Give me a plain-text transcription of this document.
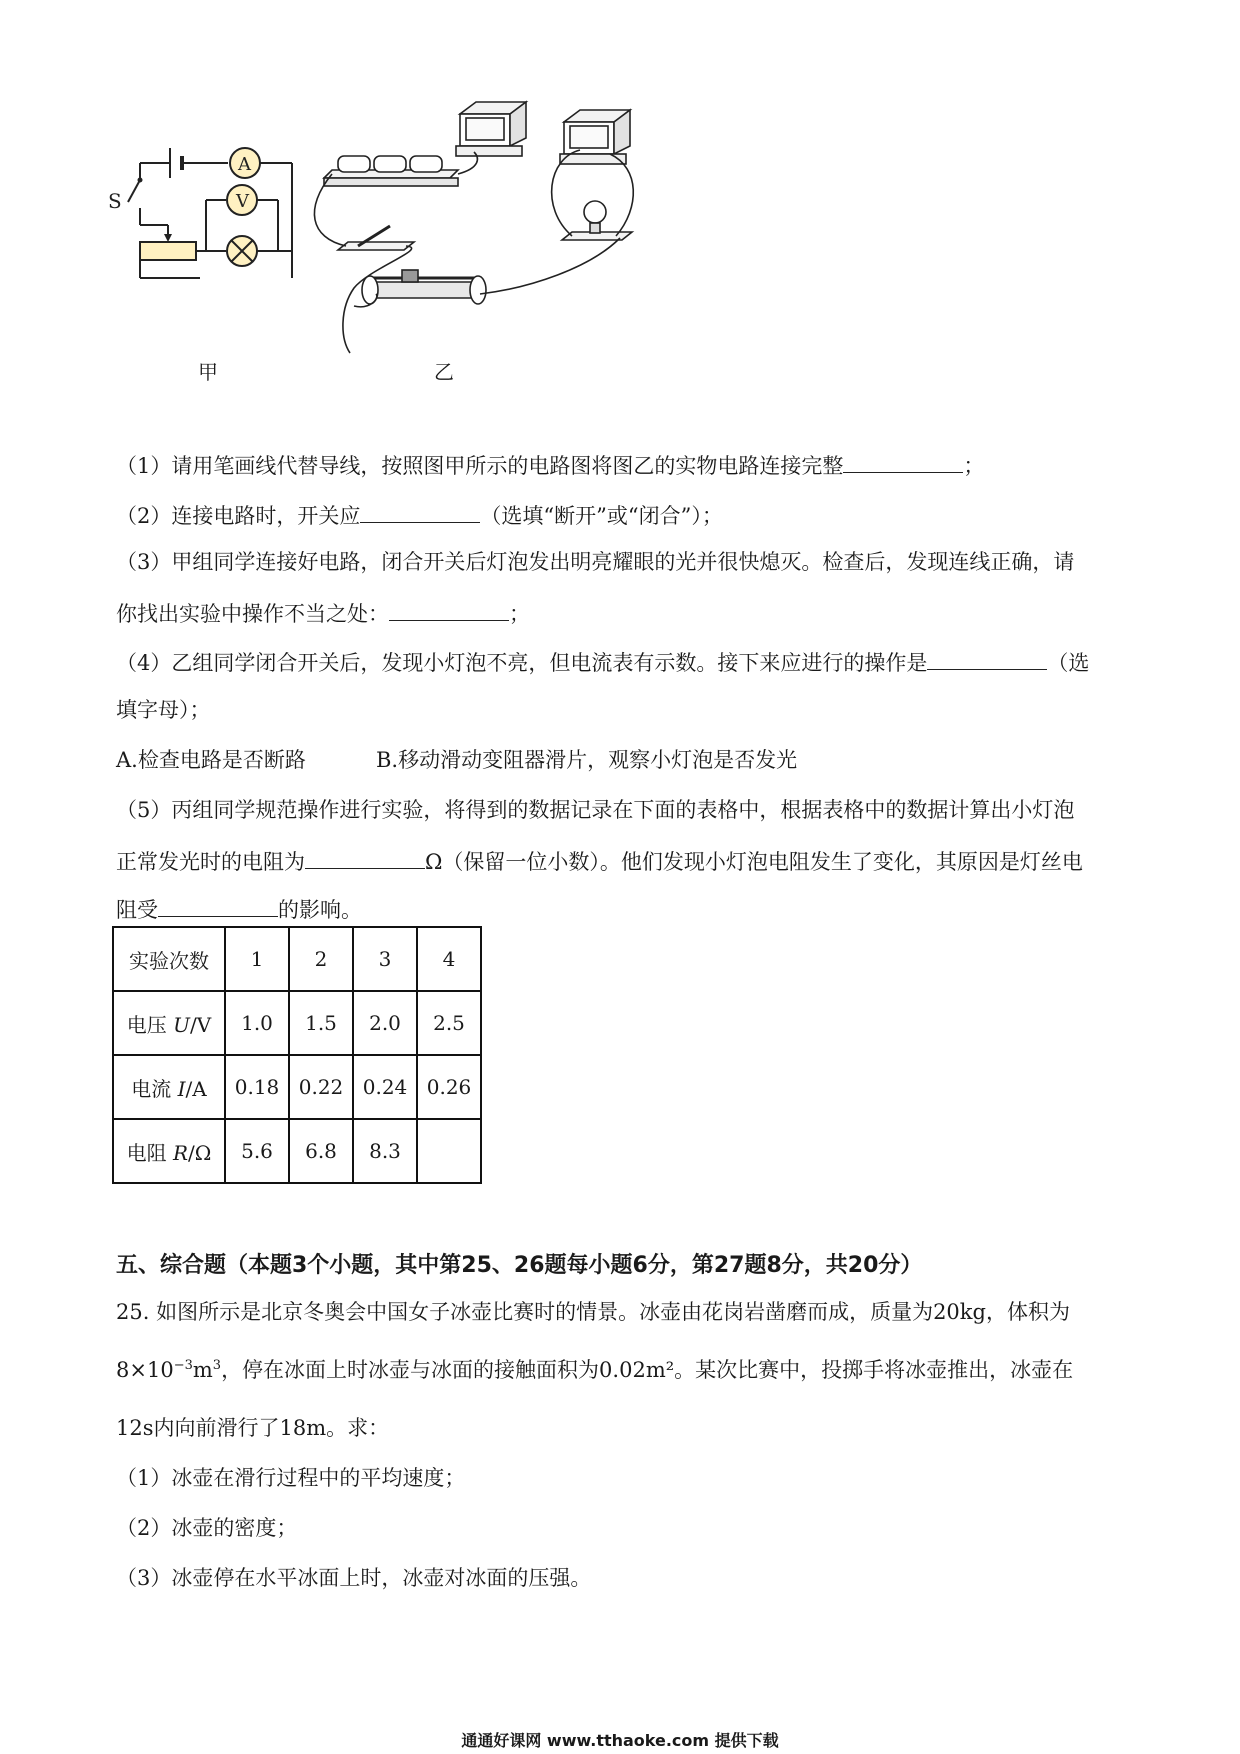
S
A
V
甲	乙
（1）请用笔画线代替导线，按照图甲所示的电路图将图乙的实物电路连接完整	；
（2）连接电路时，开关应	（选填“断开”或“闭合”）；
（3）甲组同学连接好电路，闭合开关后灯泡发出明亮耀眼的光并很快熄灭。检查后，发现连线正确，请
你找出实验中操作不当之处：	；
（4）乙组同学闭合开关后，发现小灯泡不亮，但电流表有示数。接下来应进行的操作是	（选
填字母）；
A.检查电路是否断路	B.移动滑动变阻器滑片，观察小灯泡是否发光
（5）丙组同学规范操作进行实验，将得到的数据记录在下面的表格中，根据表格中的数据计算出小灯泡
正常发光时的电阻为	Ω（保留一位小数）。他们发现小灯泡电阻发生了变化，其原因是灯丝电
阻受	的影响。
实验次数	1	2	3	4
电压 U/V	1.0	1.5	2.0	2.5
电流 I/A	0.18	0.22	0.24	0.26
电阻 R/Ω	5.6	6.8	8.3	
五、综合题（本题3个小题，其中第25、26题每小题6分，第27题8分，共20分）
25. 如图所示是北京冬奥会中国女子冰壶比赛时的情景。冰壶由花岗岩凿磨而成，质量为20kg，体积为
$8\times 10^{-3}m^3$，停在冰面上时冰壶与冰面的接触面积为0.02m²。某次比赛中，投掷手将冰壶推出，冰壶在
12s内向前滑行了18m。求：
（1）冰壶在滑行过程中的平均速度；
（2）冰壶的密度；
（3）冰壶停在水平冰面上时，冰壶对冰面的压强。
通通好课网 www.tthaoke.com 提供下载
